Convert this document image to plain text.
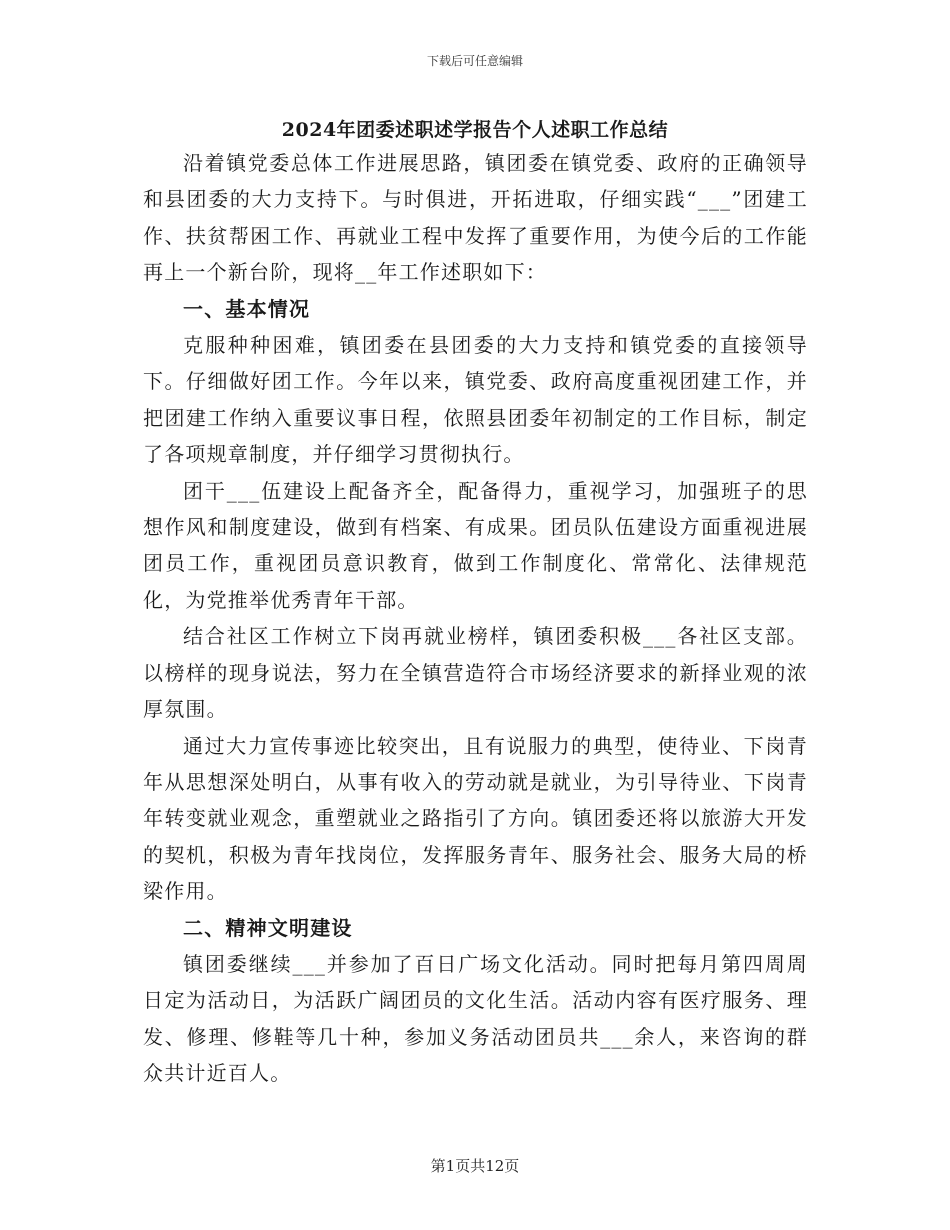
下载后可任意编辑
2024年团委述职述学报告个人述职工作总结

沿着镇党委总体工作进展思路，镇团委在镇党委、政府的正确领导和县团委的大力支持下。与时俱进，开拓进取，仔细实践“___”团建工作、扶贫帮困工作、再就业工程中发挥了重要作用，为使今后的工作能再上一个新台阶，现将__年工作述职如下：

一、基本情况

克服种种困难，镇团委在县团委的大力支持和镇党委的直接领导下。仔细做好团工作。今年以来，镇党委、政府高度重视团建工作，并把团建工作纳入重要议事日程，依照县团委年初制定的工作目标，制定了各项规章制度，并仔细学习贯彻执行。

团干___伍建设上配备齐全，配备得力，重视学习，加强班子的思想作风和制度建设，做到有档案、有成果。团员队伍建设方面重视进展团员工作，重视团员意识教育，做到工作制度化、常常化、法律规范化，为党推举优秀青年干部。

结合社区工作树立下岗再就业榜样，镇团委积极___各社区支部。以榜样的现身说法，努力在全镇营造符合市场经济要求的新择业观的浓厚氛围。

通过大力宣传事迹比较突出，且有说服力的典型，使待业、下岗青年从思想深处明白，从事有收入的劳动就是就业，为引导待业、下岗青年转变就业观念，重塑就业之路指引了方向。镇团委还将以旅游大开发的契机，积极为青年找岗位，发挥服务青年、服务社会、服务大局的桥梁作用。

二、精神文明建设

镇团委继续___并参加了百日广场文化活动。同时把每月第四周周日定为活动日，为活跃广阔团员的文化生活。活动内容有医疗服务、理发、修理、修鞋等几十种，参加义务活动团员共___余人，来咨询的群众共计近百人。

第1页共12页
